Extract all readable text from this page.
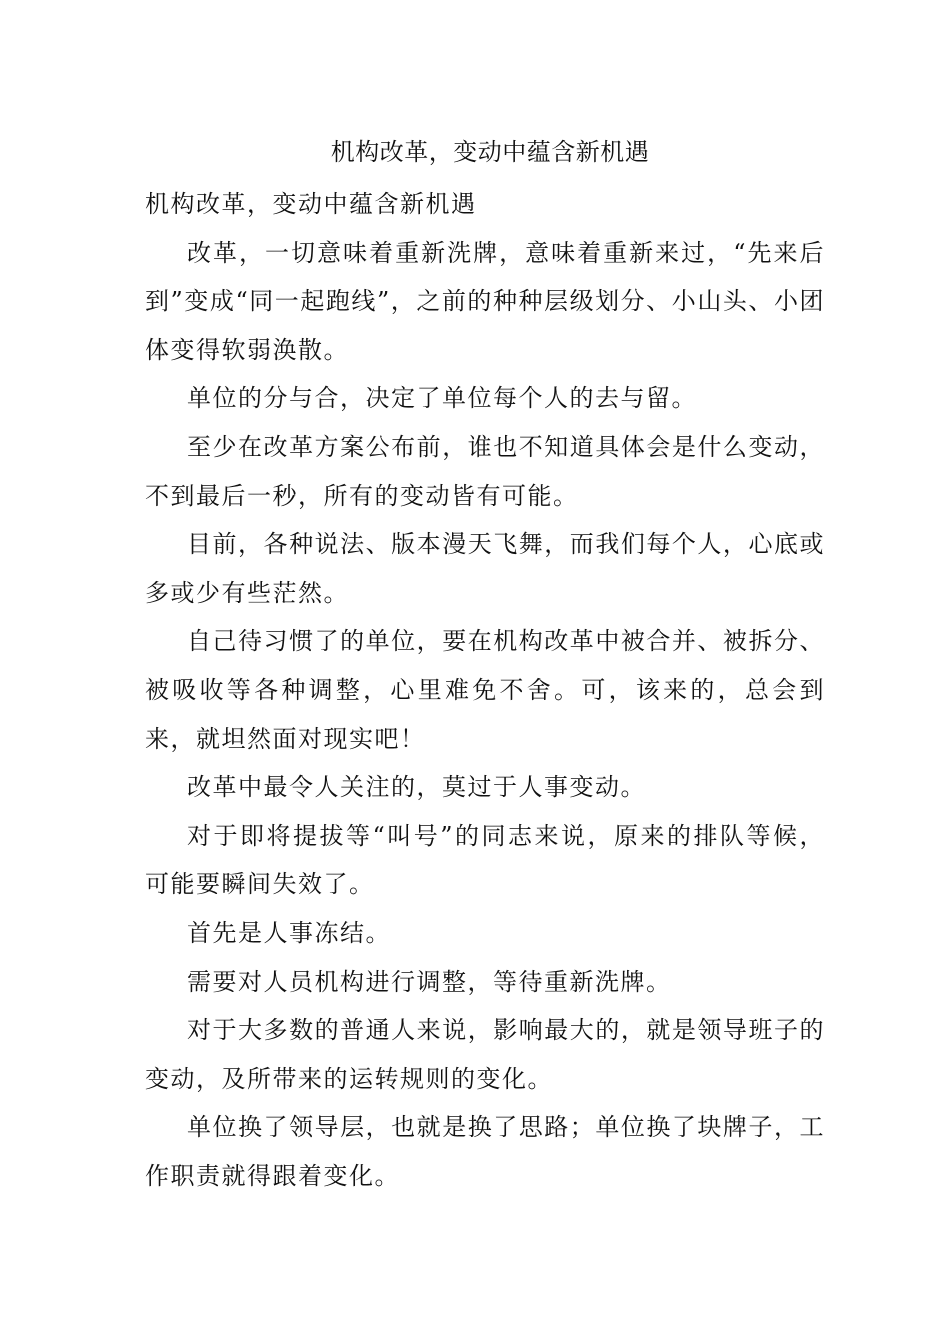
机构改革，变动中蕴含新机遇

机构改革，变动中蕴含新机遇

改革，一切意味着重新洗牌，意味着重新来过，“先来后到”变成“同一起跑线”，之前的种种层级划分、小山头、小团体变得软弱涣散。

单位的分与合，决定了单位每个人的去与留。

至少在改革方案公布前，谁也不知道具体会是什么变动，不到最后一秒，所有的变动皆有可能。

目前，各种说法、版本漫天飞舞，而我们每个人，心底或多或少有些茫然。

自己待习惯了的单位，要在机构改革中被合并、被拆分、被吸收等各种调整，心里难免不舍。可，该来的，总会到来，就坦然面对现实吧！

改革中最令人关注的，莫过于人事变动。

对于即将提拔等“叫号”的同志来说，原来的排队等候，可能要瞬间失效了。

首先是人事冻结。

需要对人员机构进行调整，等待重新洗牌。

对于大多数的普通人来说，影响最大的，就是领导班子的变动，及所带来的运转规则的变化。

单位换了领导层，也就是换了思路；单位换了块牌子，工作职责就得跟着变化。
